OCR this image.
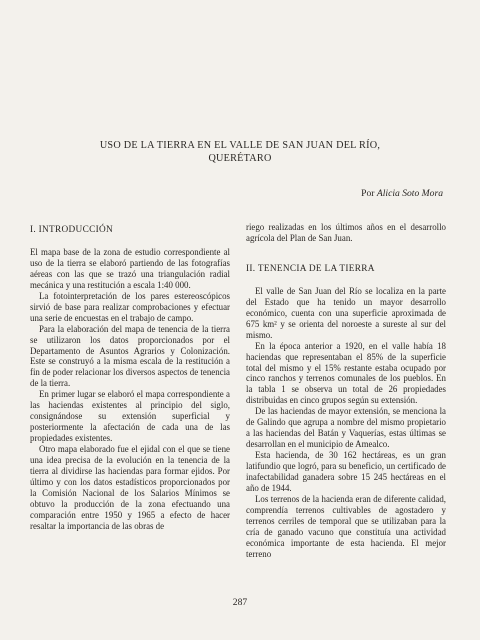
USO DE LA TIERRA EN EL VALLE DE SAN JUAN DEL RÍO,
QUERÉTARO
Por Alicia Soto Mora
I. INTRODUCCIÓN

El mapa base de la zona de estudio correspondiente al uso de la tierra se elaboró partiendo de las fotografías aéreas con las que se trazó una triangulación radial mecánica y una restitución a escala 1:40 000.

La fotointerpretación de los pares estereoscópicos sirvió de base para realizar comprobaciones y efectuar una serie de encuestas en el trabajo de campo.

Para la elaboración del mapa de tenencia de la tierra se utilizaron los datos proporcionados por el Departamento de Asuntos Agrarios y Colonización. Este se construyó a la misma escala de la restitución a fin de poder relacionar los diversos aspectos de tenencia de la tierra.

En primer lugar se elaboró el mapa correspondiente a las haciendas existentes al principio del siglo, consignándose su extensión superficial y posteriormente la afectación de cada una de las propiedades existentes.

Otro mapa elaborado fue el ejidal con el que se tiene una idea precisa de la evolución en la tenencia de la tierra al dividirse las haciendas para formar ejidos. Por último y con los datos estadísticos proporcionados por la Comisión Nacional de los Salarios Mínimos se obtuvo la producción de la zona efectuando una comparación entre 1950 y 1965 a efecto de hacer resaltar la importancia de las obras de

riego realizadas en los últimos años en el desarrollo agrícola del Plan de San Juan.

II. TENENCIA DE LA TIERRA

El valle de San Juan del Río se localiza en la parte del Estado que ha tenido un mayor desarrollo económico, cuenta con una superficie aproximada de 675 km² y se orienta del noroeste a sureste al sur del mismo.

En la época anterior a 1920, en el valle había 18 haciendas que representaban el 85% de la superficie total del mismo y el 15% restante estaba ocupado por cinco ranchos y terrenos comunales de los pueblos. En la tabla 1 se observa un total de 26 propiedades distribuidas en cinco grupos según su extensión.

De las haciendas de mayor extensión, se menciona la de Galindo que agrupa a nombre del mismo propietario a las haciendas del Batán y Vaquerías, estas últimas se desarrollan en el municipio de Amealco.

Esta hacienda, de 30 162 hectáreas, es un gran latifundio que logró, para su beneficio, un certificado de inafectabilidad ganadera sobre 15 245 hectáreas en el año de 1944.

Los terrenos de la hacienda eran de diferente calidad, comprendía terrenos cultivables de agostadero y terrenos cerriles de temporal que se utilizaban para la cría de ganado vacuno que constituía una actividad económica importante de esta hacienda. El mejor terreno

287
